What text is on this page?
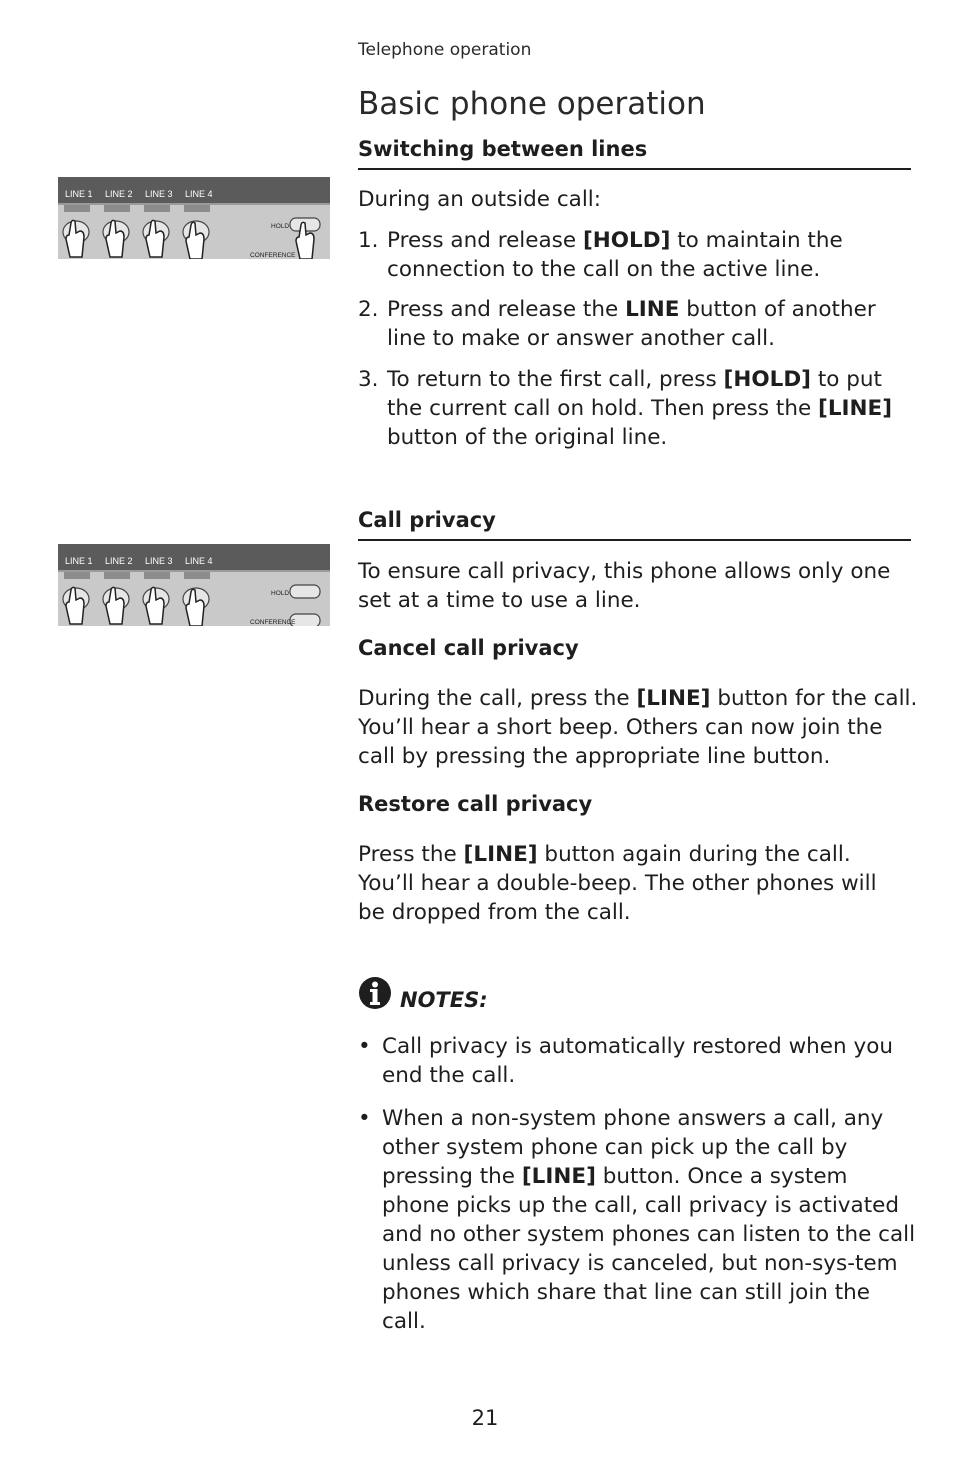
Telephone operation
Basic phone operation
LINE 1 LINE 2 LINE 3 LINE 4
HOLD
CONFERENCE
LINE 1 LINE 2 LINE 3 LINE 4
HOLD
CONFERENCE
Switching between lines

During an outside call:

1. Press and release [HOLD] to maintain the connection to the call on the active line.
2. Press and release the LINE button of another line to make or answer another call.
3. To return to the first call, press [HOLD] to put the current call on hold. Then press the [LINE] button of the original line.
Call privacy

To ensure call privacy, this phone allows only one set at a time to use a line.

Cancel call privacy

During the call, press the [LINE] button for the call. You’ll hear a short beep. Others can now join the call by pressing the appropriate line button.

Restore call privacy

Press the [LINE] button again during the call. You’ll hear a double-beep. The other phones will be dropped from the call.

NOTES:
• Call privacy is automatically restored when you end the call.
• When a non-system phone answers a call, any other system phone can pick up the call by pressing the [LINE] button. Once a system phone picks up the call, call privacy is activated and no other system phones can listen to the call unless call privacy is canceled, but non-sys-tem phones which share that line can still join the call.
21
